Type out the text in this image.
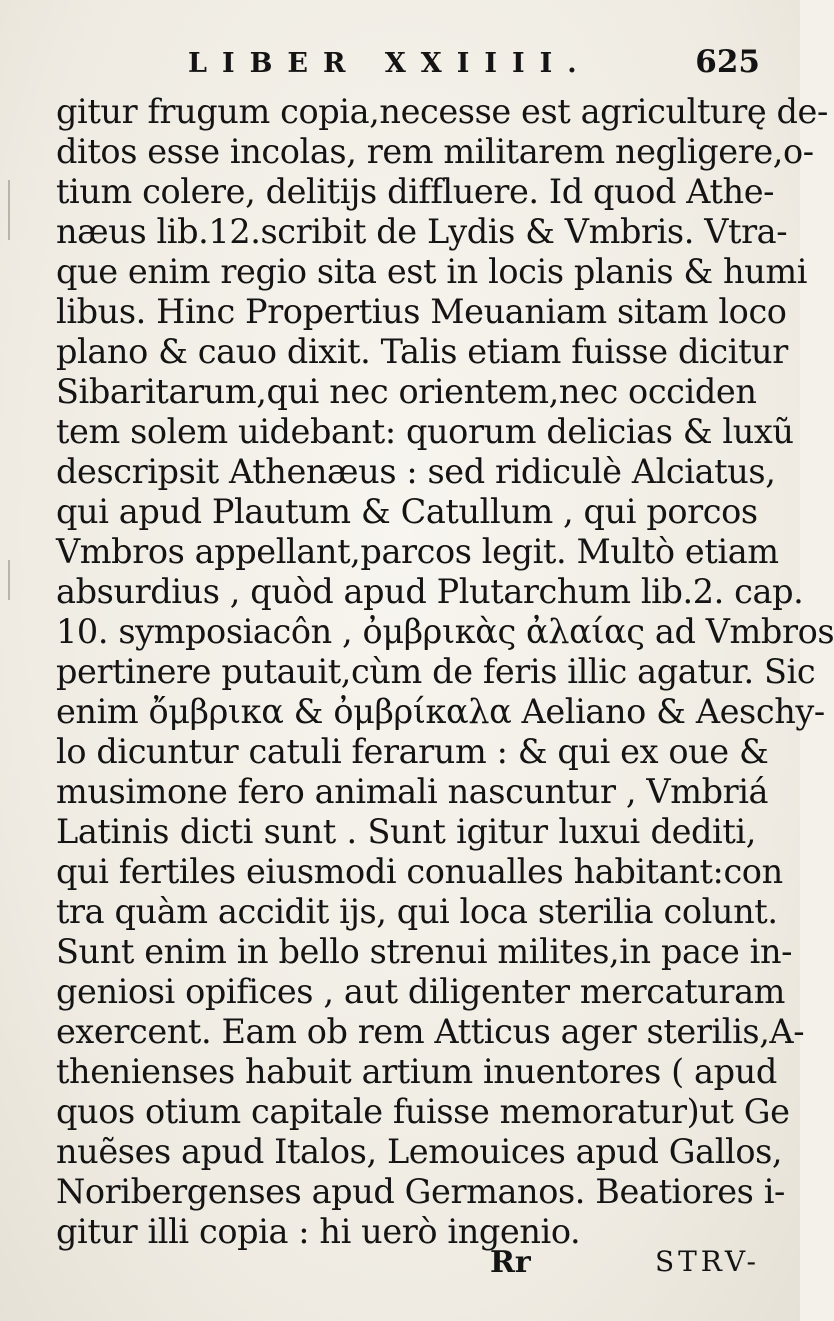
LIBER XXIIII.	625
gitur frugum copia,necesse est agriculturę de-
ditos esse incolas, rem militarem negligere,o-
tium colere, delitijs diffluere. Id quod Athe-
næus lib.12.scribit de Lydis & Vmbris. Vtra-
que enim regio sita est in locis planis & humi
libus. Hinc Propertius Meuaniam sitam loco
plano & cauo dixit. Talis etiam fuisse dicitur
Sibaritarum,qui nec orientem,nec occiden
tem solem uidebant: quorum delicias & luxũ
descripsit Athenæus : sed ridiculè Alciatus,
qui apud Plautum & Catullum , qui porcos
Vmbros appellant,parcos legit. Multò etiam
absurdius , quòd apud Plutarchum lib.2. cap.
10. symposiacôn , ὀμβρικὰς ἀλαίας ad Vmbros
pertinere putauit,cùm de feris illic agatur. Sic
enim ὄμβρικα & ὀμβρίκαλα Aeliano & Aeschy-
lo dicuntur catuli ferarum : & qui ex oue &
musimone fero animali nascuntur , Vmbriá
Latinis dicti sunt . Sunt igitur luxui dediti,
qui fertiles eiusmodi conualles habitant:con
tra quàm accidit ijs, qui loca sterilia colunt.
Sunt enim in bello strenui milites,in pace in-
geniosi opifices , aut diligenter mercaturam
exercent. Eam ob rem Atticus ager sterilis,A-
thenienses habuit artium inuentores ( apud
quos otium capitale fuisse memoratur)ut Ge
nuẽses apud Italos, Lemouices apud Gallos,
Noribergenses apud Germanos. Beatiores i-
gitur illi copia : hi uerò ingenio.
Rr	STRV-
